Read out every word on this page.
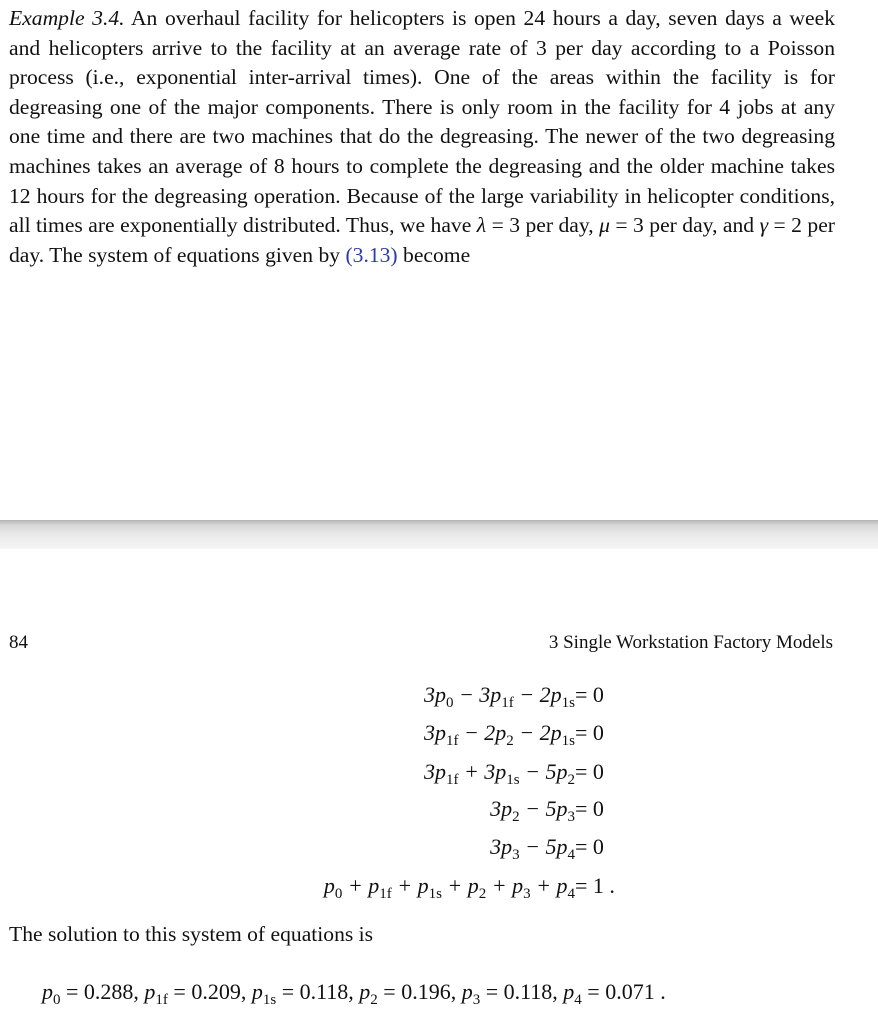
Example 3.4. An overhaul facility for helicopters is open 24 hours a day, seven days a week and helicopters arrive to the facility at an average rate of 3 per day according to a Poisson process (i.e., exponential inter-arrival times). One of the areas within the facility is for degreasing one of the major components. There is only room in the facility for 4 jobs at any one time and there are two machines that do the degreasing. The newer of the two degreasing machines takes an average of 8 hours to complete the degreasing and the older machine takes 12 hours for the degreasing operation. Because of the large variability in helicopter conditions, all times are exponentially distributed. Thus, we have λ = 3 per day, μ = 3 per day, and γ = 2 per day. The system of equations given by (3.13) become

84	3 Single Workstation Factory Models
$3p_0 - 3p_{1f} - 2p_{1s} = 0$
$3p_{1f} - 2p_2 - 2p_{1s} = 0$
$3p_{1f} + 3p_{1s} - 5p_2 = 0$
$3p_2 - 5p_3 = 0$
$3p_3 - 5p_4 = 0$
$p_0 + p_{1f} + p_{1s} + p_2 + p_3 + p_4 = 1$ .
The solution to this system of equations is
$p_0 = 0.288$, $p_{1f} = 0.209$, $p_{1s} = 0.118$, $p_2 = 0.196$, $p_3 = 0.118$, $p_4 = 0.071$ .
